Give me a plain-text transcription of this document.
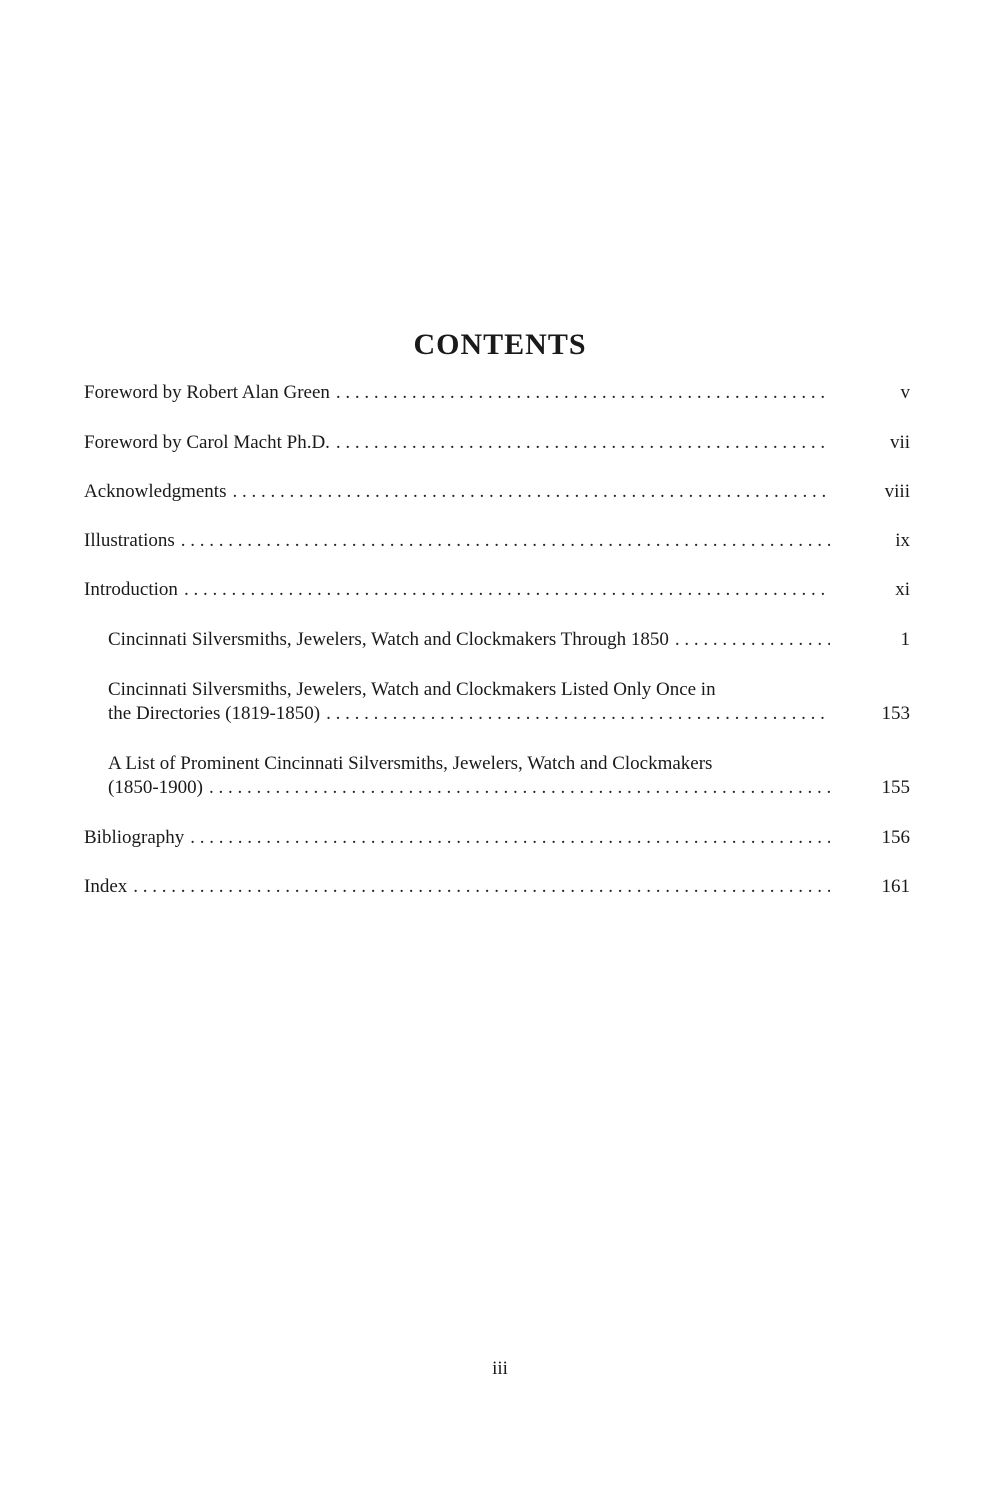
CONTENTS
Foreword by Robert Alan Green . . .	v
Foreword by Carol Macht Ph.D. . . .	vii
Acknowledgments . . .	viii
Illustrations . . .	ix
Introduction . . .	xi
Cincinnati Silversmiths, Jewelers, Watch and Clockmakers Through 1850 . . .	1
Cincinnati Silversmiths, Jewelers, Watch and Clockmakers Listed Only Once in
the Directories (1819-1850) . . .	153
A List of Prominent Cincinnati Silversmiths, Jewelers, Watch and Clockmakers
(1850-1900) . . .	155
Bibliography . . .	156
Index . . .	161
iii
